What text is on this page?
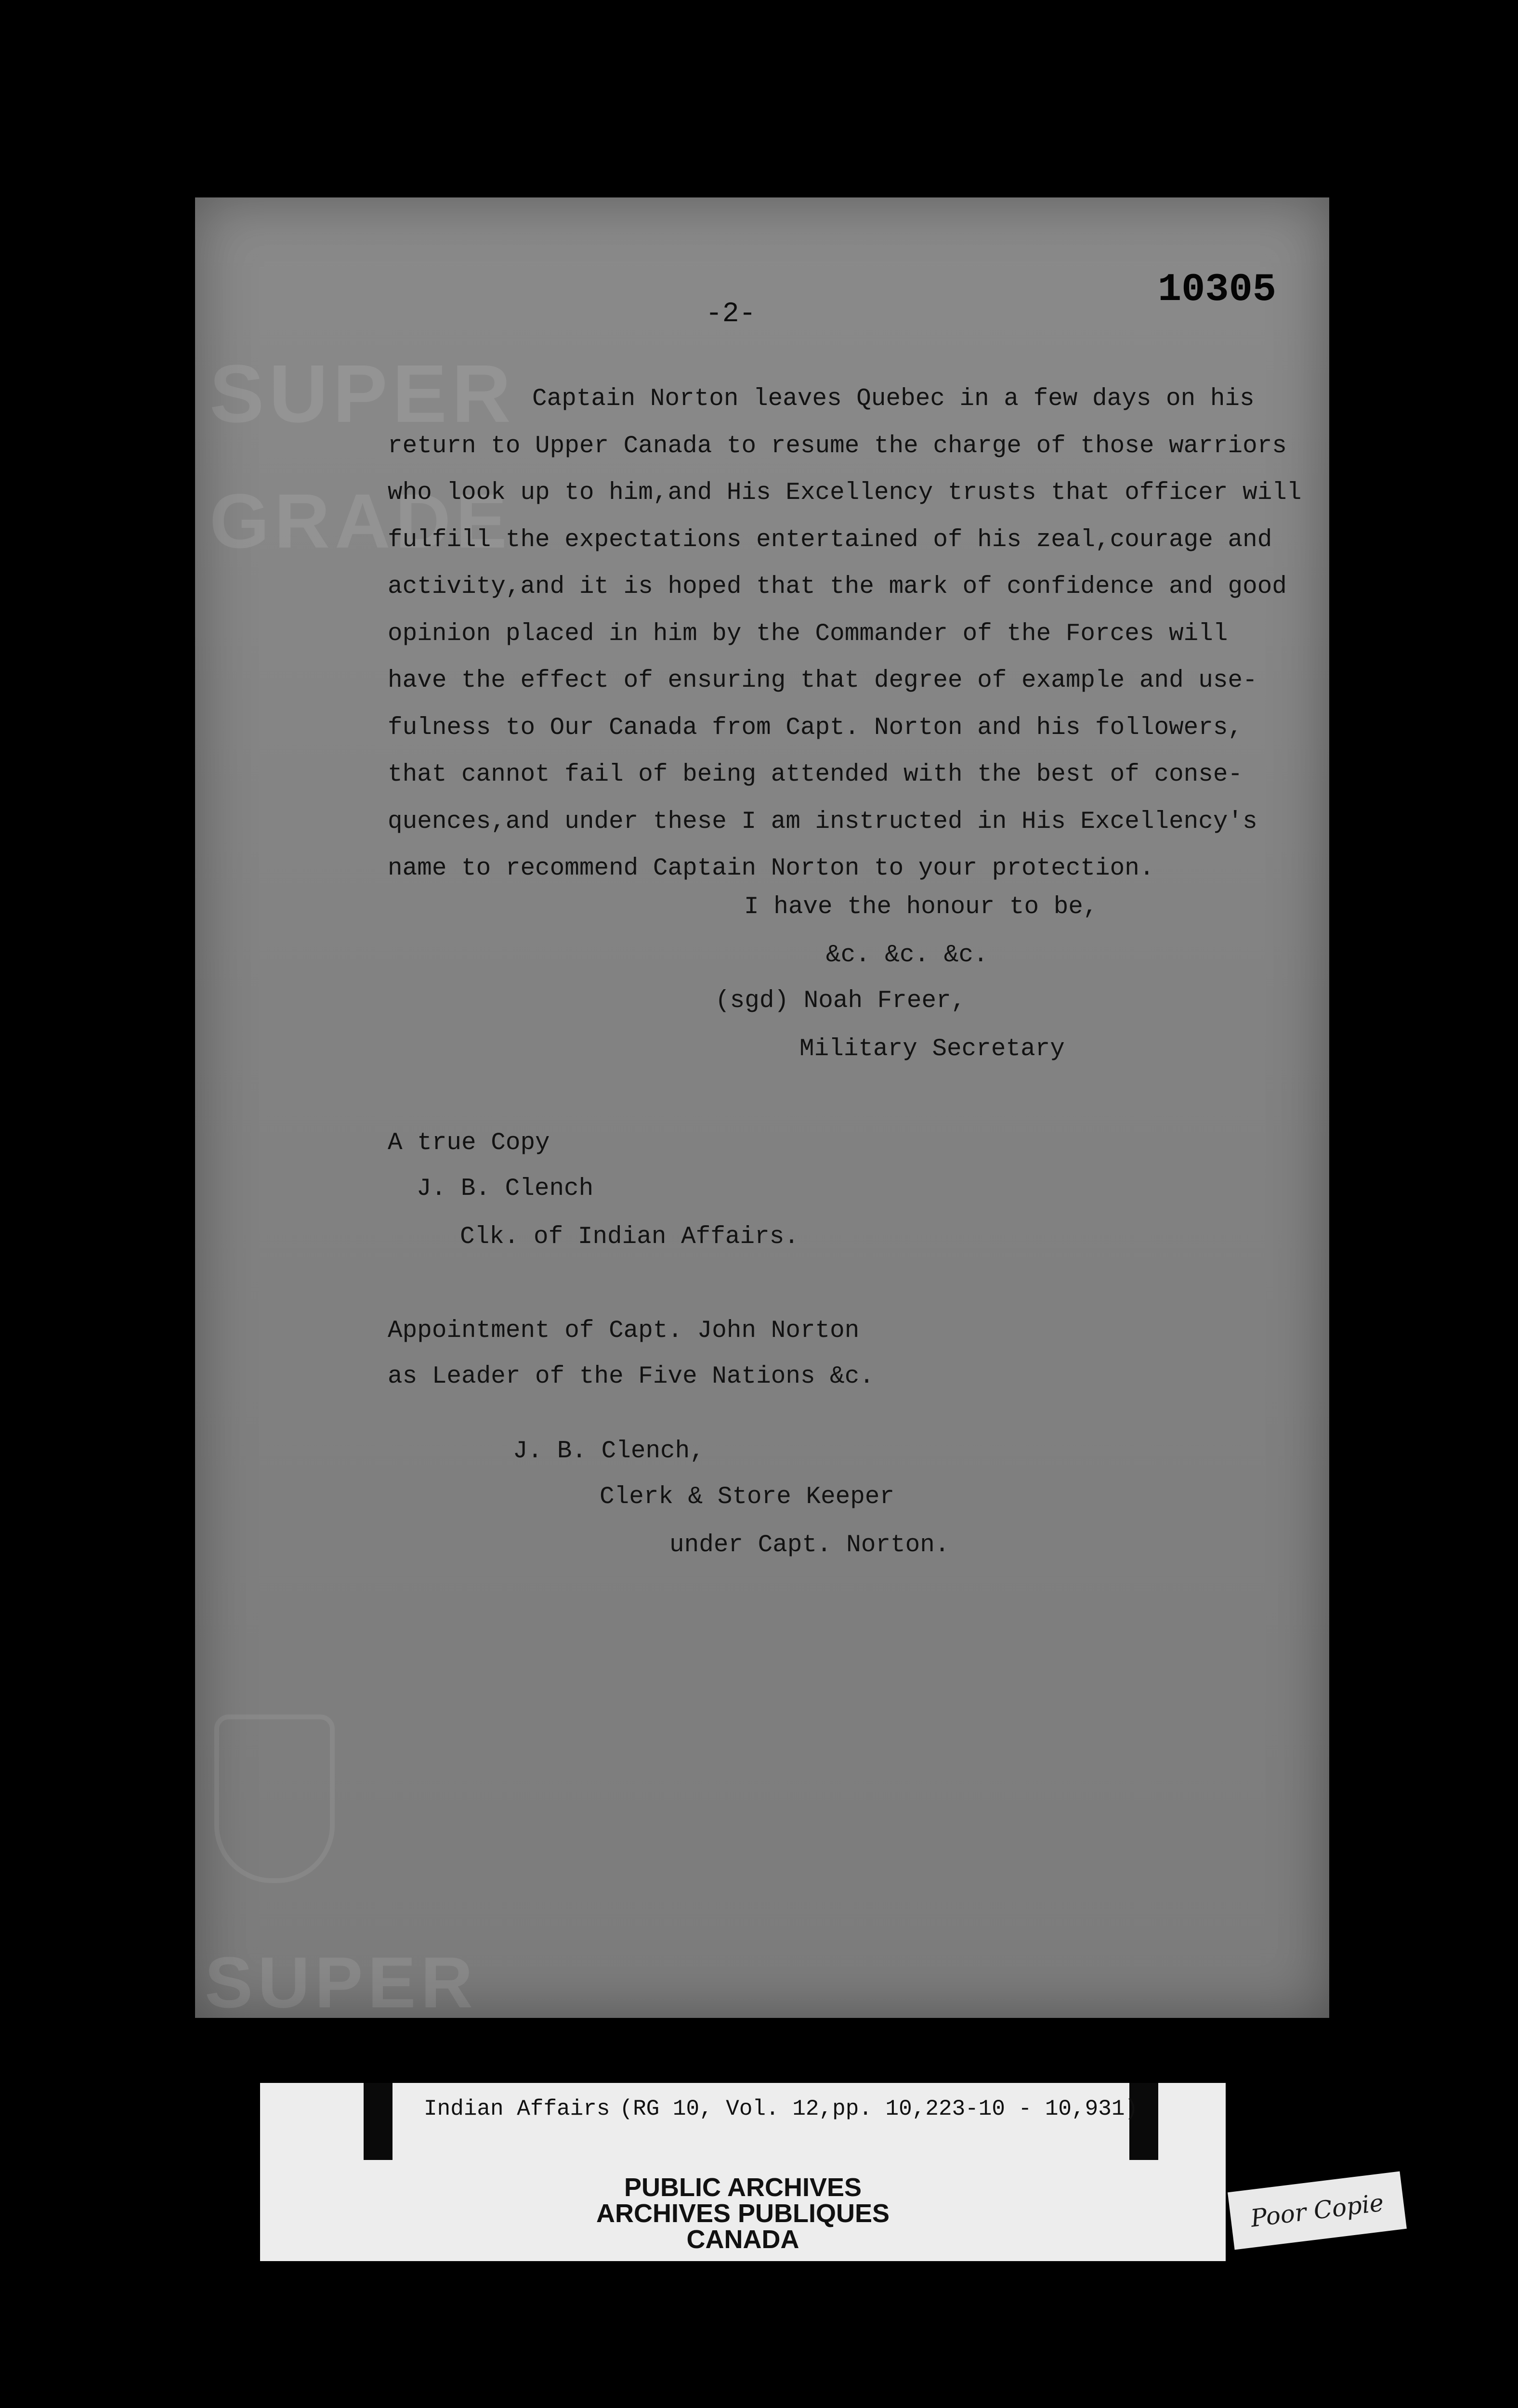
SUPER
GRADE
SUPER
10305
-2-
Captain Norton leaves Quebec in a few days on his
return to Upper Canada to resume the charge of those warriors
who look up to him,and His Excellency trusts that officer will
fulfill the expectations entertained of his zeal,courage and
activity,and it is hoped that the mark of confidence and good
opinion placed in him by the Commander of the Forces will
have the effect of ensuring that degree of example and use-
fulness to Our Canada from Capt. Norton and his followers,
that cannot fail of being attended with the best of conse-
quences,and under these I am instructed in His Excellency's
name to recommend Captain Norton to your protection.
I have the honour to be,
&c. &c. &c.
(sgd) Noah Freer,
Military Secretary
A true Copy
J. B. Clench
Clk. of Indian Affairs.
Appointment of Capt. John Norton
as Leader of the Five Nations &c.
J. B. Clench,
Clerk & Store Keeper
under Capt. Norton.
Indian Affairs (RG 10, Vol. 12,pp. 10,223-10 - 10,931)
PUBLIC ARCHIVES
ARCHIVES PUBLIQUES
CANADA
Poor Copie
